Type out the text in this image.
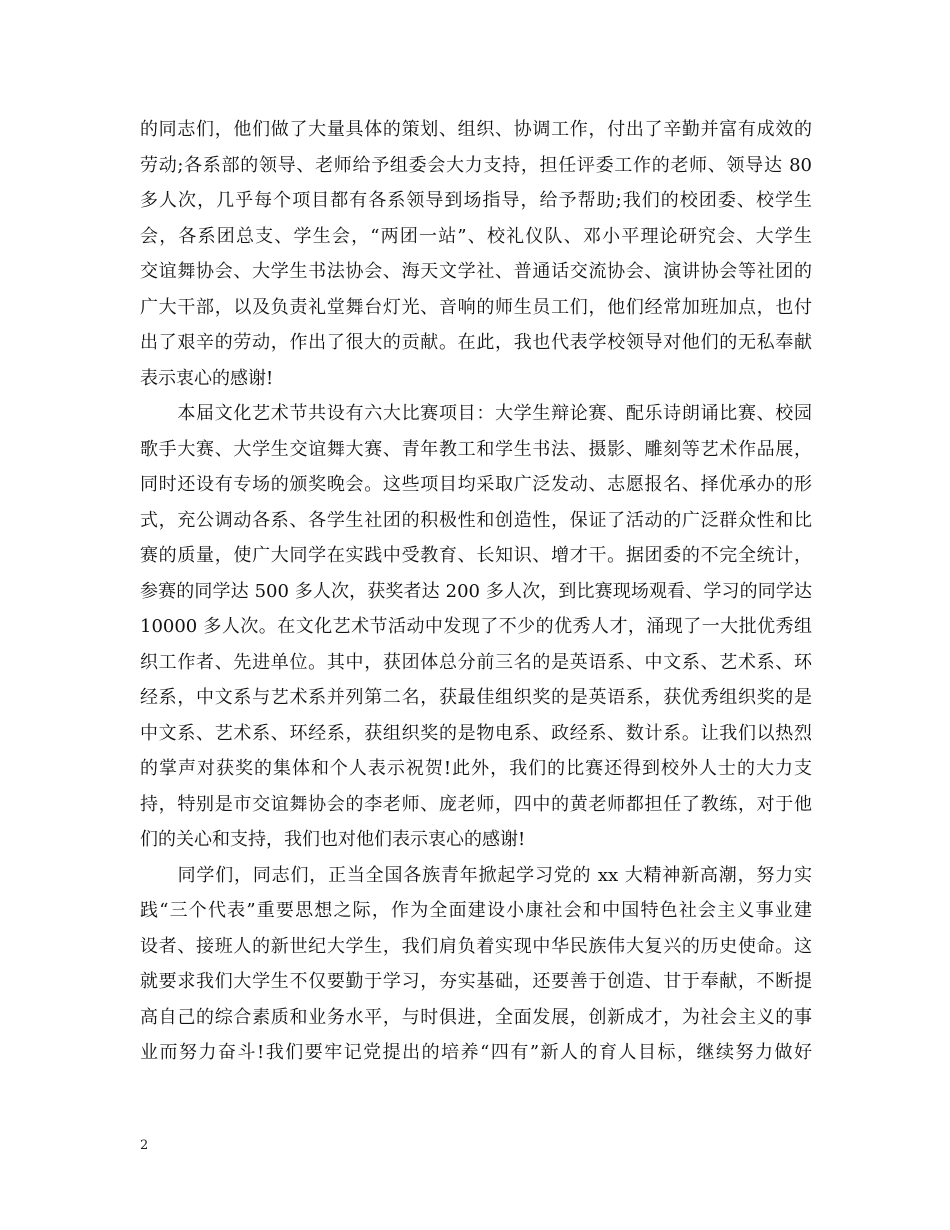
的同志们，他们做了大量具体的策划、组织、协调工作，付出了辛勤并富有成效的
劳动;各系部的领导、老师给予组委会大力支持，担任评委工作的老师、领导达 80
多人次，几乎每个项目都有各系领导到场指导，给予帮助;我们的校团委、校学生
会，各系团总支、学生会，“两团一站”、校礼仪队、邓小平理论研究会、大学生
交谊舞协会、大学生书法协会、海天文学社、普通话交流协会、演讲协会等社团的
广大干部，以及负责礼堂舞台灯光、音响的师生员工们，他们经常加班加点，也付
出了艰辛的劳动，作出了很大的贡献。在此，我也代表学校领导对他们的无私奉献
表示衷心的感谢!
　　本届文化艺术节共设有六大比赛项目：大学生辩论赛、配乐诗朗诵比赛、校园
歌手大赛、大学生交谊舞大赛、青年教工和学生书法、摄影、雕刻等艺术作品展，
同时还设有专场的颁奖晚会。这些项目均采取广泛发动、志愿报名、择优承办的形
式，充公调动各系、各学生社团的积极性和创造性，保证了活动的广泛群众性和比
赛的质量，使广大同学在实践中受教育、长知识、增才干。据团委的不完全统计，
参赛的同学达 500 多人次，获奖者达 200 多人次，到比赛现场观看、学习的同学达
10000 多人次。在文化艺术节活动中发现了不少的优秀人才，涌现了一大批优秀组
织工作者、先进单位。其中，获团体总分前三名的是英语系、中文系、艺术系、环
经系，中文系与艺术系并列第二名，获最佳组织奖的是英语系，获优秀组织奖的是
中文系、艺术系、环经系，获组织奖的是物电系、政经系、数计系。让我们以热烈
的掌声对获奖的集体和个人表示祝贺!此外，我们的比赛还得到校外人士的大力支
持，特别是市交谊舞协会的李老师、庞老师，四中的黄老师都担任了教练，对于他
们的关心和支持，我们也对他们表示衷心的感谢!
　　同学们，同志们，正当全国各族青年掀起学习党的 xx 大精神新高潮，努力实
践“三个代表”重要思想之际，作为全面建设小康社会和中国特色社会主义事业建
设者、接班人的新世纪大学生，我们肩负着实现中华民族伟大复兴的历史使命。这
就要求我们大学生不仅要勤于学习，夯实基础，还要善于创造、甘于奉献，不断提
高自己的综合素质和业务水平，与时俱进，全面发展，创新成才，为社会主义的事
业而努力奋斗!我们要牢记党提出的培养“四有”新人的育人目标，继续努力做好
2
